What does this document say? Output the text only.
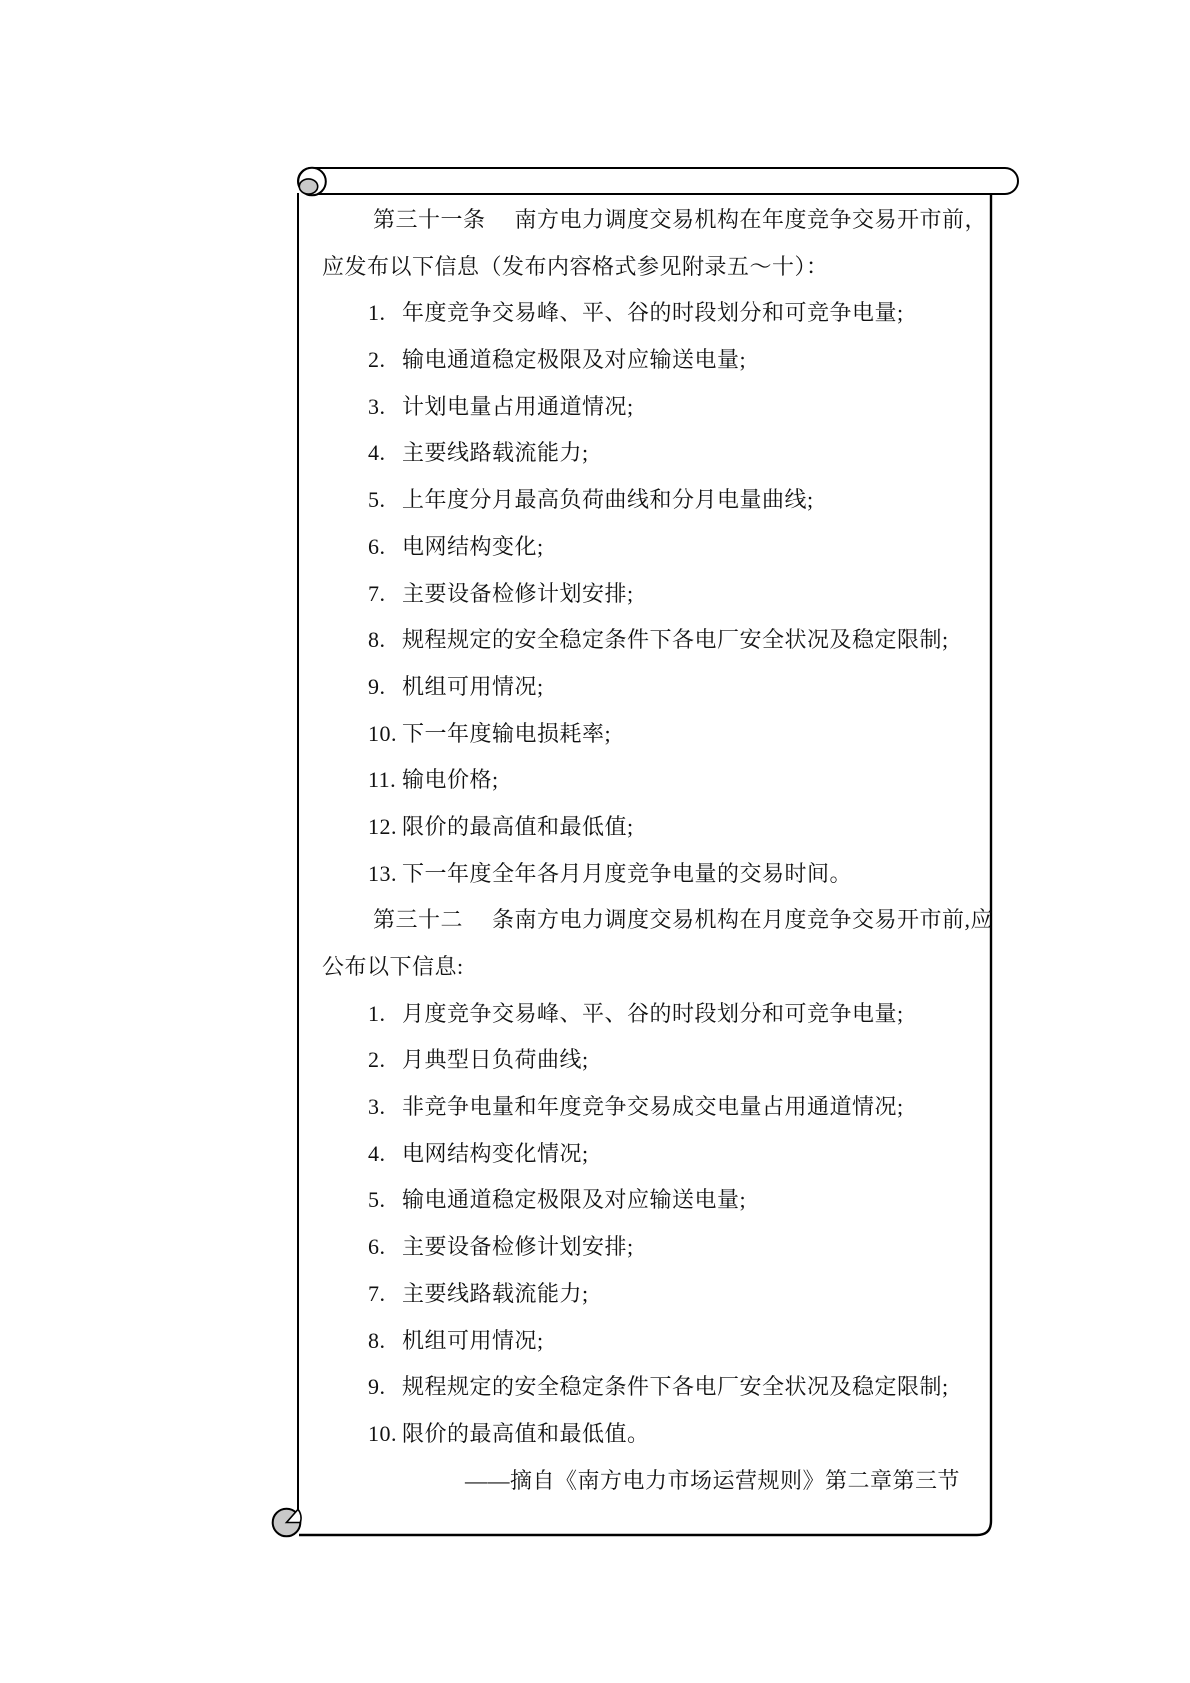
第三十一条 南方电力调度交易机构在年度竞争交易开市前，
应发布以下信息（发布内容格式参见附录五～十）：
1. 年度竞争交易峰、平、谷的时段划分和可竞争电量;
2. 输电通道稳定极限及对应输送电量;
3. 计划电量占用通道情况;
4. 主要线路载流能力;
5. 上年度分月最高负荷曲线和分月电量曲线;
6. 电网结构变化;
7. 主要设备检修计划安排;
8. 规程规定的安全稳定条件下各电厂安全状况及稳定限制;
9. 机组可用情况;
10. 下一年度输电损耗率;
11. 输电价格;
12. 限价的最高值和最低值;
13. 下一年度全年各月月度竞争电量的交易时间。
第三十二 条南方电力调度交易机构在月度竞争交易开市前,应
公布以下信息:
1. 月度竞争交易峰、平、谷的时段划分和可竞争电量;
2. 月典型日负荷曲线;
3. 非竞争电量和年度竞争交易成交电量占用通道情况;
4. 电网结构变化情况;
5. 输电通道稳定极限及对应输送电量;
6. 主要设备检修计划安排;
7. 主要线路载流能力;
8. 机组可用情况;
9. 规程规定的安全稳定条件下各电厂安全状况及稳定限制;
10. 限价的最高值和最低值。
——摘自《南方电力市场运营规则》第二章第三节
